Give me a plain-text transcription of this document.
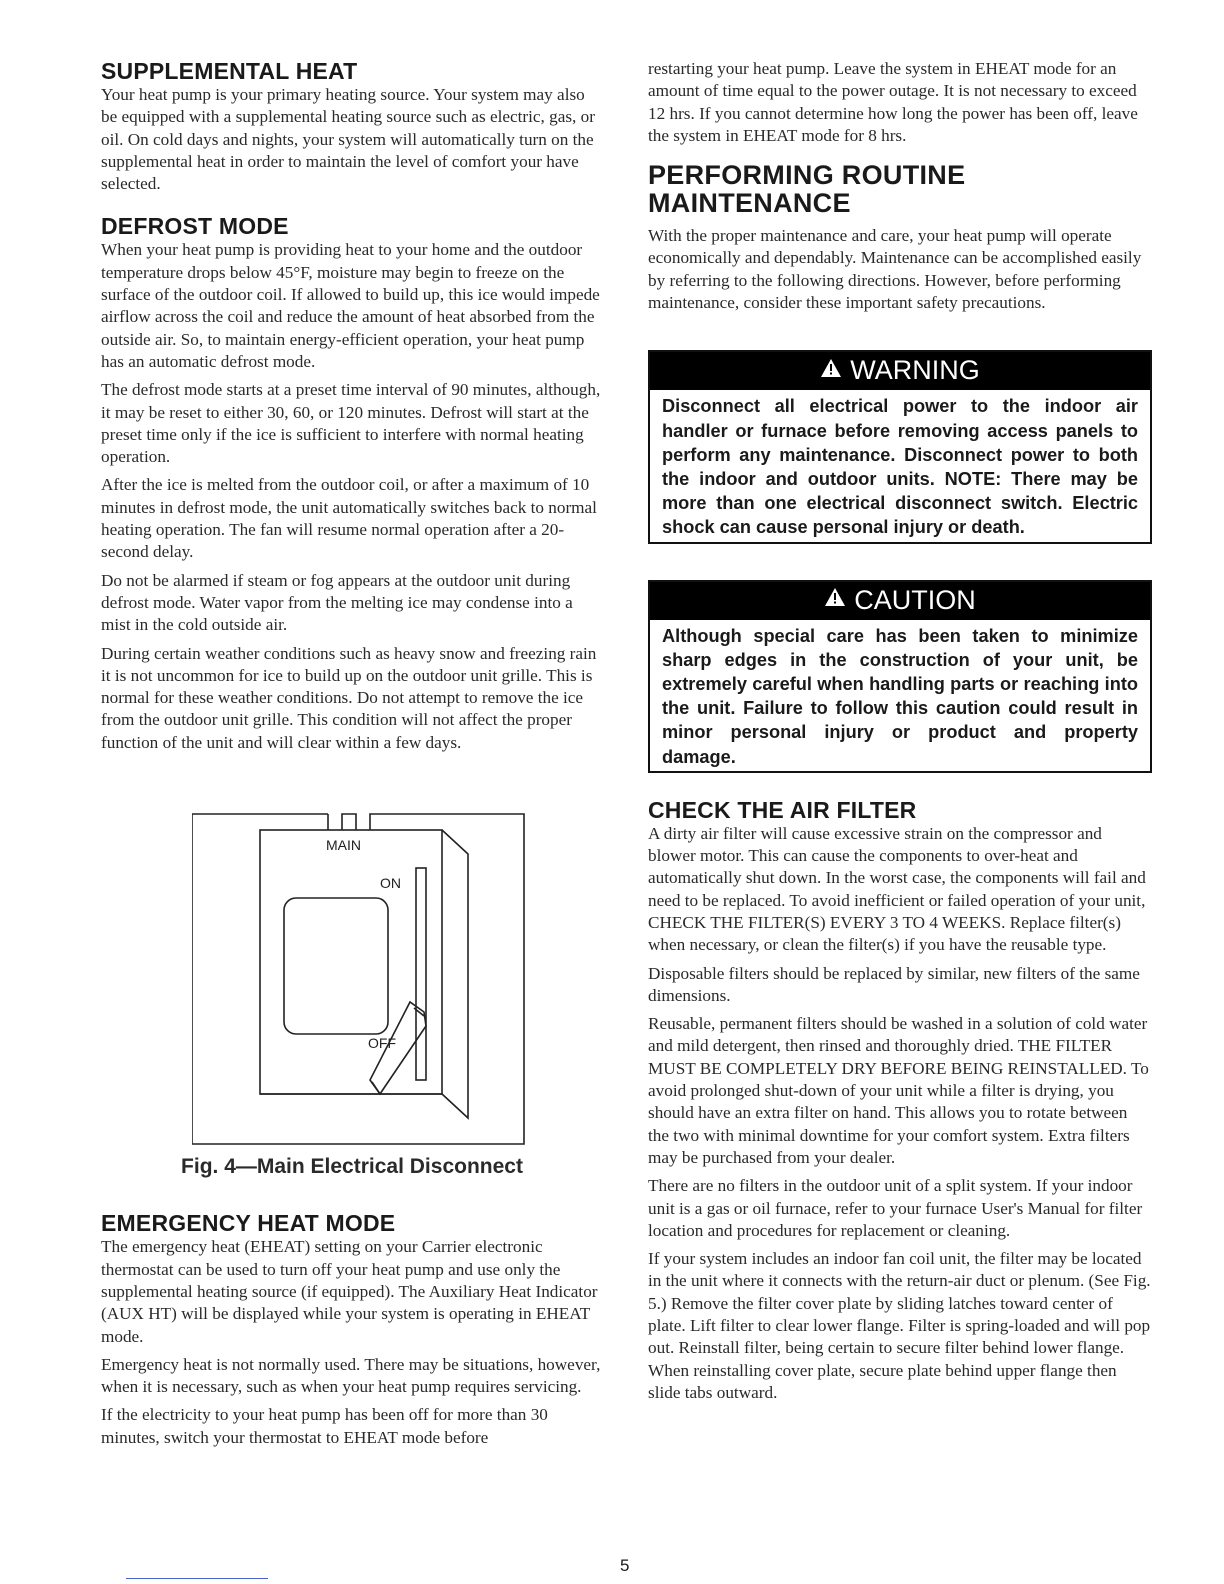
SUPPLEMENTAL HEAT

Your heat pump is your primary heating source. Your system may also be equipped with a supplemental heating source such as electric, gas, or oil. On cold days and nights, your system will automatically turn on the supplemental heat in order to maintain the level of comfort your have selected.

DEFROST MODE

When your heat pump is providing heat to your home and the outdoor temperature drops below 45°F, moisture may begin to freeze on the surface of the outdoor coil. If allowed to build up, this ice would impede airflow across the coil and reduce the amount of heat absorbed from the outside air. So, to maintain energy-efficient operation, your heat pump has an automatic defrost mode.

The defrost mode starts at a preset time interval of 90 minutes, although, it may be reset to either 30, 60, or 120 minutes. Defrost will start at the preset time only if the ice is sufficient to interfere with normal heating operation.

After the ice is melted from the outdoor coil, or after a maximum of 10 minutes in defrost mode, the unit automatically switches back to normal heating operation. The fan will resume normal operation after a 20-second delay.

Do not be alarmed if steam or fog appears at the outdoor unit during defrost mode. Water vapor from the melting ice may condense into a mist in the cold outside air.

During certain weather conditions such as heavy snow and freezing rain it is not uncommon for ice to build up on the outdoor unit grille. This is normal for these weather conditions. Do not attempt to remove the ice from the outdoor unit grille. This condition will not affect the proper function of the unit and will clear within a few days.

MAIN
ON
OFF

Fig. 4—Main Electrical Disconnect

EMERGENCY HEAT MODE

The emergency heat (EHEAT) setting on your Carrier electronic thermostat can be used to turn off your heat pump and use only the supplemental heating source (if equipped). The Auxiliary Heat Indicator (AUX HT) will be displayed while your system is operating in EHEAT mode.

Emergency heat is not normally used. There may be situations, however, when it is necessary, such as when your heat pump requires servicing.

If the electricity to your heat pump has been off for more than 30 minutes, switch your thermostat to EHEAT mode before

restarting your heat pump. Leave the system in EHEAT mode for an amount of time equal to the power outage. It is not necessary to exceed 12 hrs. If you cannot determine how long the power has been off, leave the system in EHEAT mode for 8 hrs.

PERFORMING ROUTINE
MAINTENANCE

With the proper maintenance and care, your heat pump will operate economically and dependably. Maintenance can be accomplished easily by referring to the following directions. However, before performing maintenance, consider these important safety precautions.

WARNING
Disconnect all electrical power to the indoor air handler or furnace before removing access panels to perform any maintenance. Disconnect power to both the indoor and outdoor units. NOTE: There may be more than one electrical disconnect switch. Electric shock can cause personal injury or death.
CAUTION
Although special care has been taken to minimize sharp edges in the construction of your unit, be extremely careful when handling parts or reaching into the unit. Failure to follow this caution could result in minor personal injury or product and property damage.
CHECK THE AIR FILTER

A dirty air filter will cause excessive strain on the compressor and blower motor. This can cause the components to over-heat and automatically shut down. In the worst case, the components will fail and need to be replaced. To avoid inefficient or failed operation of your unit, CHECK THE FILTER(S) EVERY 3 TO 4 WEEKS. Replace filter(s) when necessary, or clean the filter(s) if you have the reusable type.

Disposable filters should be replaced by similar, new filters of the same dimensions.

Reusable, permanent filters should be washed in a solution of cold water and mild detergent, then rinsed and thoroughly dried. THE FILTER MUST BE COMPLETELY DRY BEFORE BEING REINSTALLED. To avoid prolonged shut-down of your unit while a filter is drying, you should have an extra filter on hand. This allows you to rotate between the two with minimal downtime for your comfort system. Extra filters may be purchased from your dealer.

There are no filters in the outdoor unit of a split system. If your indoor unit is a gas or oil furnace, refer to your furnace User's Manual for filter location and procedures for replacement or cleaning.

If your system includes an indoor fan coil unit, the filter may be located in the unit where it connects with the return-air duct or plenum. (See Fig. 5.) Remove the filter cover plate by sliding latches toward center of plate. Lift filter to clear lower flange. Filter is spring-loaded and will pop out. Reinstall filter, being certain to secure filter behind lower flange. When reinstalling cover plate, secure plate behind upper flange then slide tabs outward.

5
